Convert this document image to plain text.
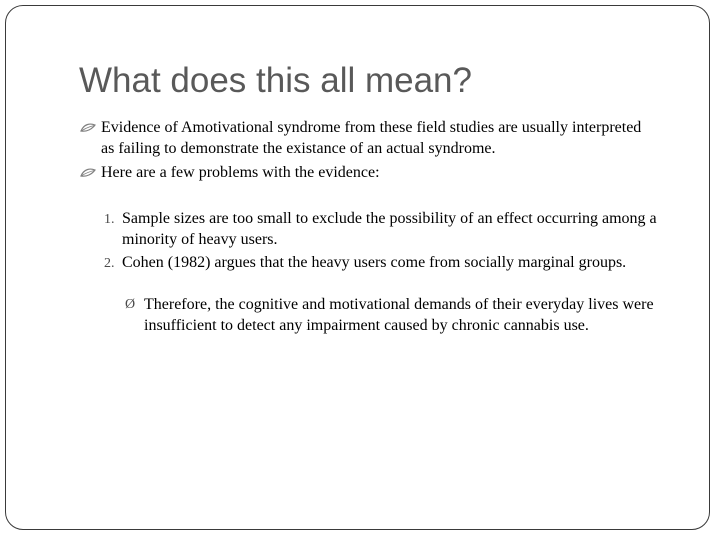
What does this all mean?
Evidence of Amotivational syndrome from these field studies are usually interpreted as failing to demonstrate the existance of an actual syndrome.
Here are a few problems with the evidence:
1. Sample sizes are too small to exclude the possibility of an effect occurring among a minority of heavy users.
2. Cohen (1982) argues that the heavy users come from socially marginal groups.
Ø Therefore, the cognitive and motivational demands of their everyday lives were insufficient to detect any impairment caused by chronic cannabis use.
